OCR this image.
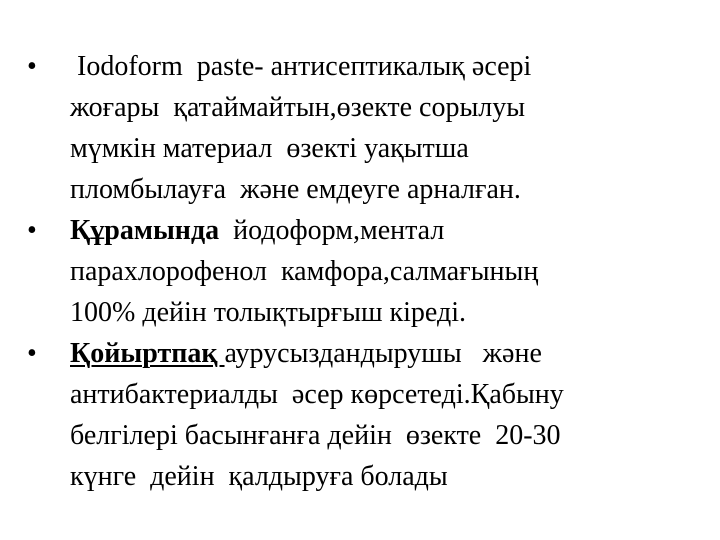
• Iodoform  paste- антисептикалық әсері
жоғары  қатаймайтын,өзекте сорылуы
мүмкін материал  өзекті уақытша
пломбылауға  және емдеуге арналған.
• Құрамында  йодоформ,ментал
парахлорофенол  камфора,салмағының
100% дейін толықтырғыш кіреді.
• Қойыртпақ аурусыздандырушы   және
антибактериалды  әсер көрсетеді.Қабыну
белгілері басынғанға дейін  өзекте  20-30
күнге  дейін  қалдыруға болады
